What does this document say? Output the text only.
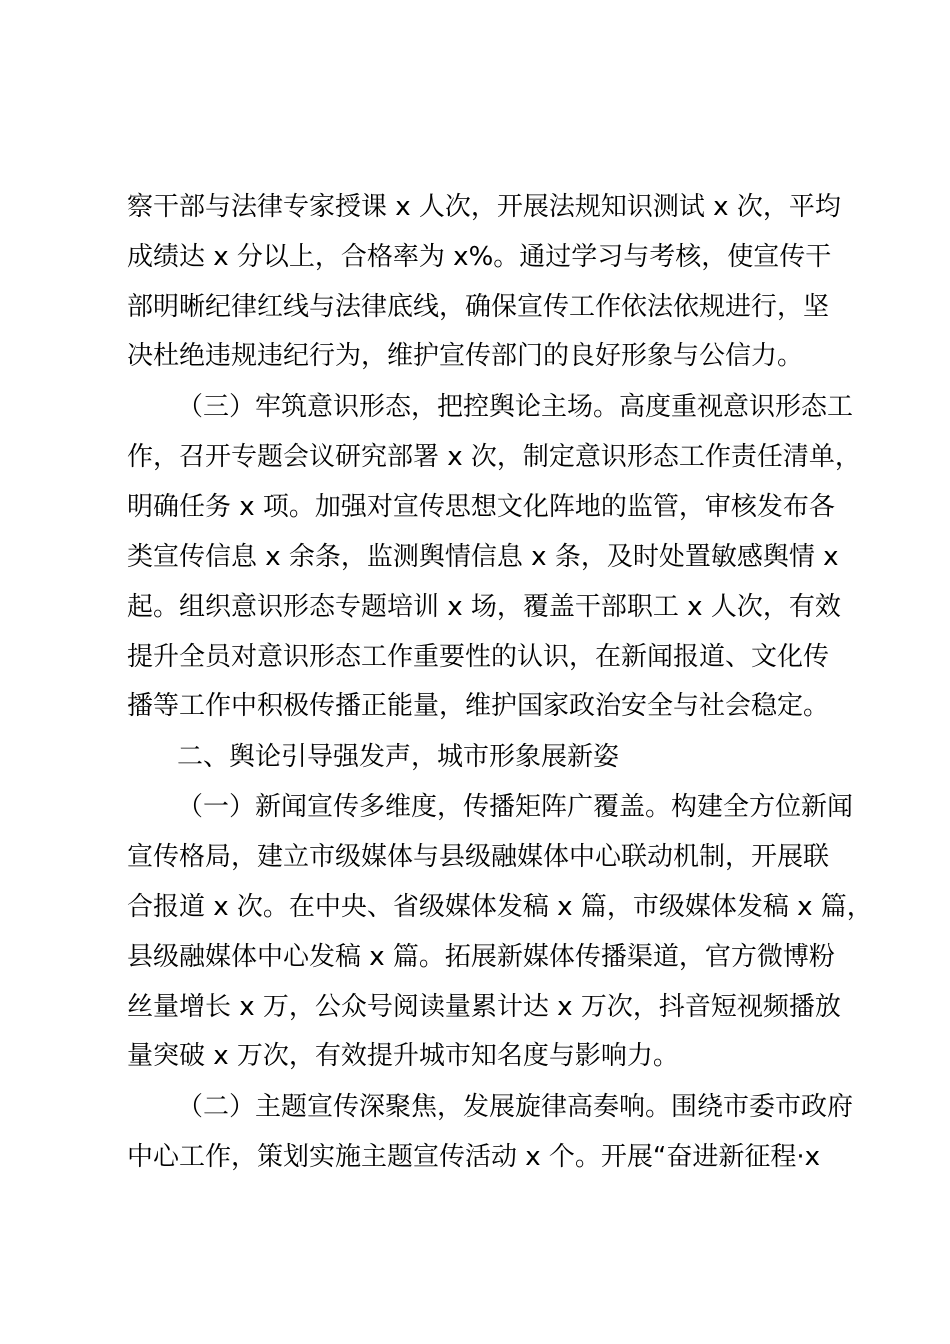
察干部与法律专家授课 x 人次，开展法规知识测试 x 次，平均

成绩达 x 分以上，合格率为 x%。通过学习与考核，使宣传干

部明晰纪律红线与法律底线，确保宣传工作依法依规进行，坚

决杜绝违规违纪行为，维护宣传部门的良好形象与公信力。

（三）牢筑意识形态，把控舆论主场。高度重视意识形态工

作，召开专题会议研究部署 x 次，制定意识形态工作责任清单，

明确任务 x 项。加强对宣传思想文化阵地的监管，审核发布各

类宣传信息 x 余条，监测舆情信息 x 条，及时处置敏感舆情 x

起。组织意识形态专题培训 x 场，覆盖干部职工 x 人次，有效

提升全员对意识形态工作重要性的认识，在新闻报道、文化传

播等工作中积极传播正能量，维护国家政治安全与社会稳定。

二、舆论引导强发声，城市形象展新姿

（一）新闻宣传多维度，传播矩阵广覆盖。构建全方位新闻

宣传格局，建立市级媒体与县级融媒体中心联动机制，开展联

合报道 x 次。在中央、省级媒体发稿 x 篇，市级媒体发稿 x 篇，

县级融媒体中心发稿 x 篇。拓展新媒体传播渠道，官方微博粉

丝量增长 x 万，公众号阅读量累计达 x 万次，抖音短视频播放

量突破 x 万次，有效提升城市知名度与影响力。

（二）主题宣传深聚焦，发展旋律高奏响。围绕市委市政府

中心工作，策划实施主题宣传活动 x 个。开展“奋进新征程·x
